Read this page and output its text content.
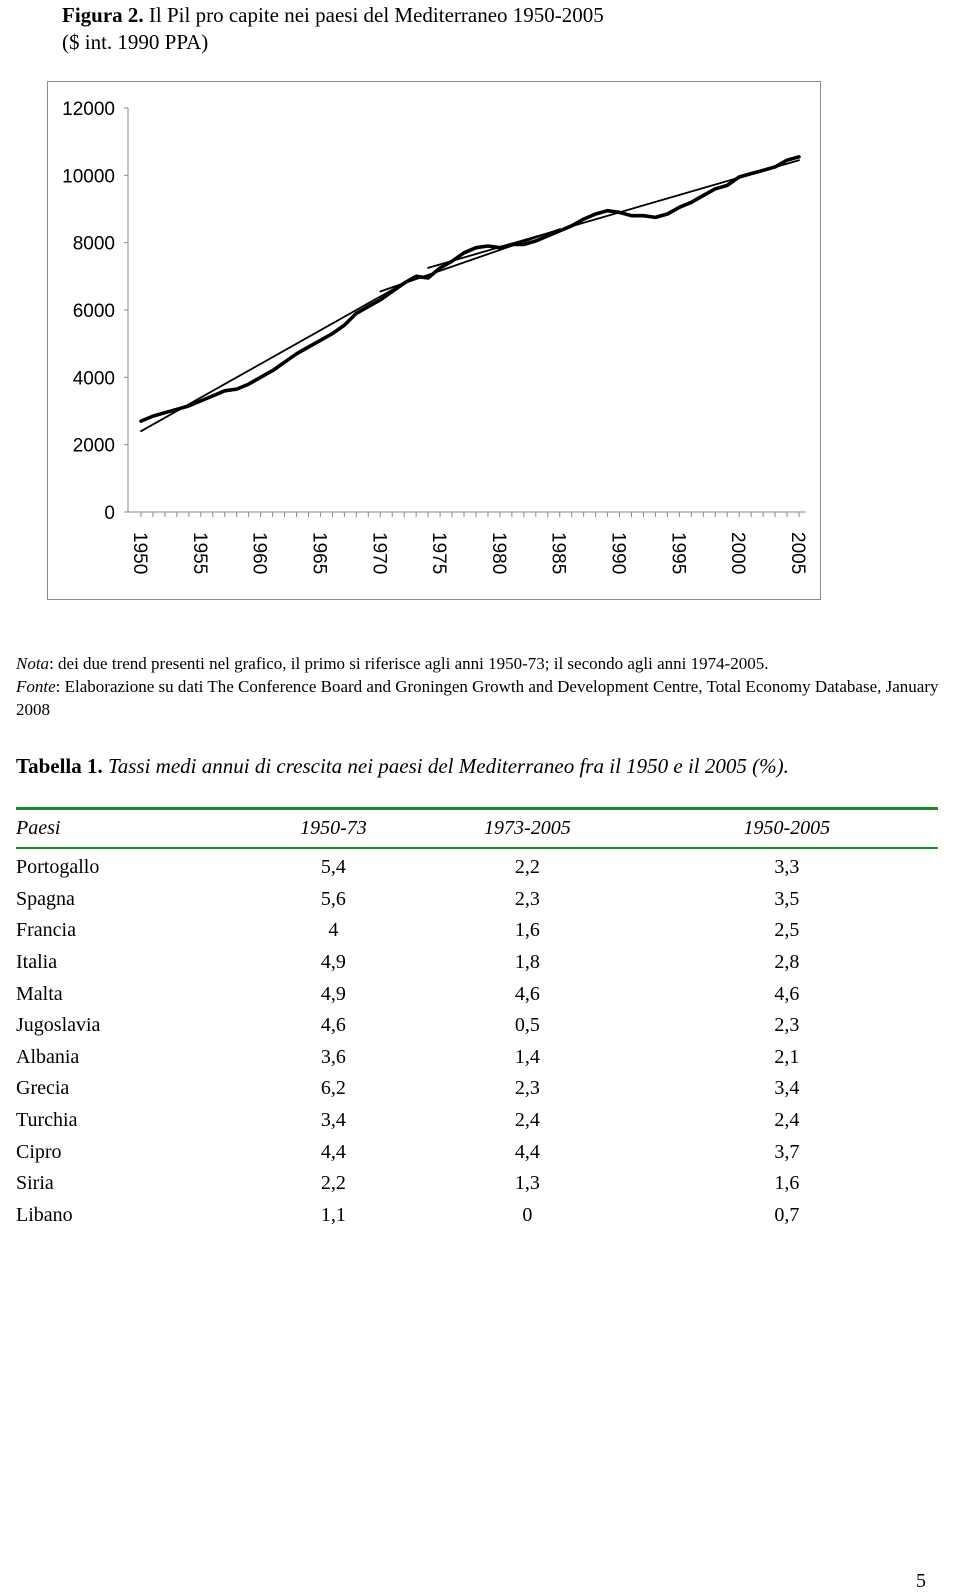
Figura 2. Il Pil pro capite nei paesi del Mediterraneo 1950-2005
($ int. 1990 PPA)
0
2000
4000
6000
8000
10000
12000
1950 1955 1960 1965 1970 1975 1980 1985 1990 1995 2000 2005

Nota: dei due trend presenti nel grafico, il primo si riferisce agli anni 1950-73; il secondo agli anni 1974-2005.

Fonte: Elaborazione su dati The Conference Board and Groningen Growth and Development Centre, Total Economy Database, January 2008

Tabella 1. Tassi medi annui di crescita nei paesi del Mediterraneo fra il 1950 e il 2005 (%).

Paesi	1950-73	1973-2005	1950-2005
Portogallo	5,4	2,2	3,3
Spagna	5,6	2,3	3,5
Francia	4	1,6	2,5
Italia	4,9	1,8	2,8
Malta	4,9	4,6	4,6
Jugoslavia	4,6	0,5	2,3
Albania	3,6	1,4	2,1
Grecia	6,2	2,3	3,4
Turchia	3,4	2,4	2,4
Cipro	4,4	4,4	3,7
Siria	2,2	1,3	1,6
Libano	1,1	0	0,7

5
